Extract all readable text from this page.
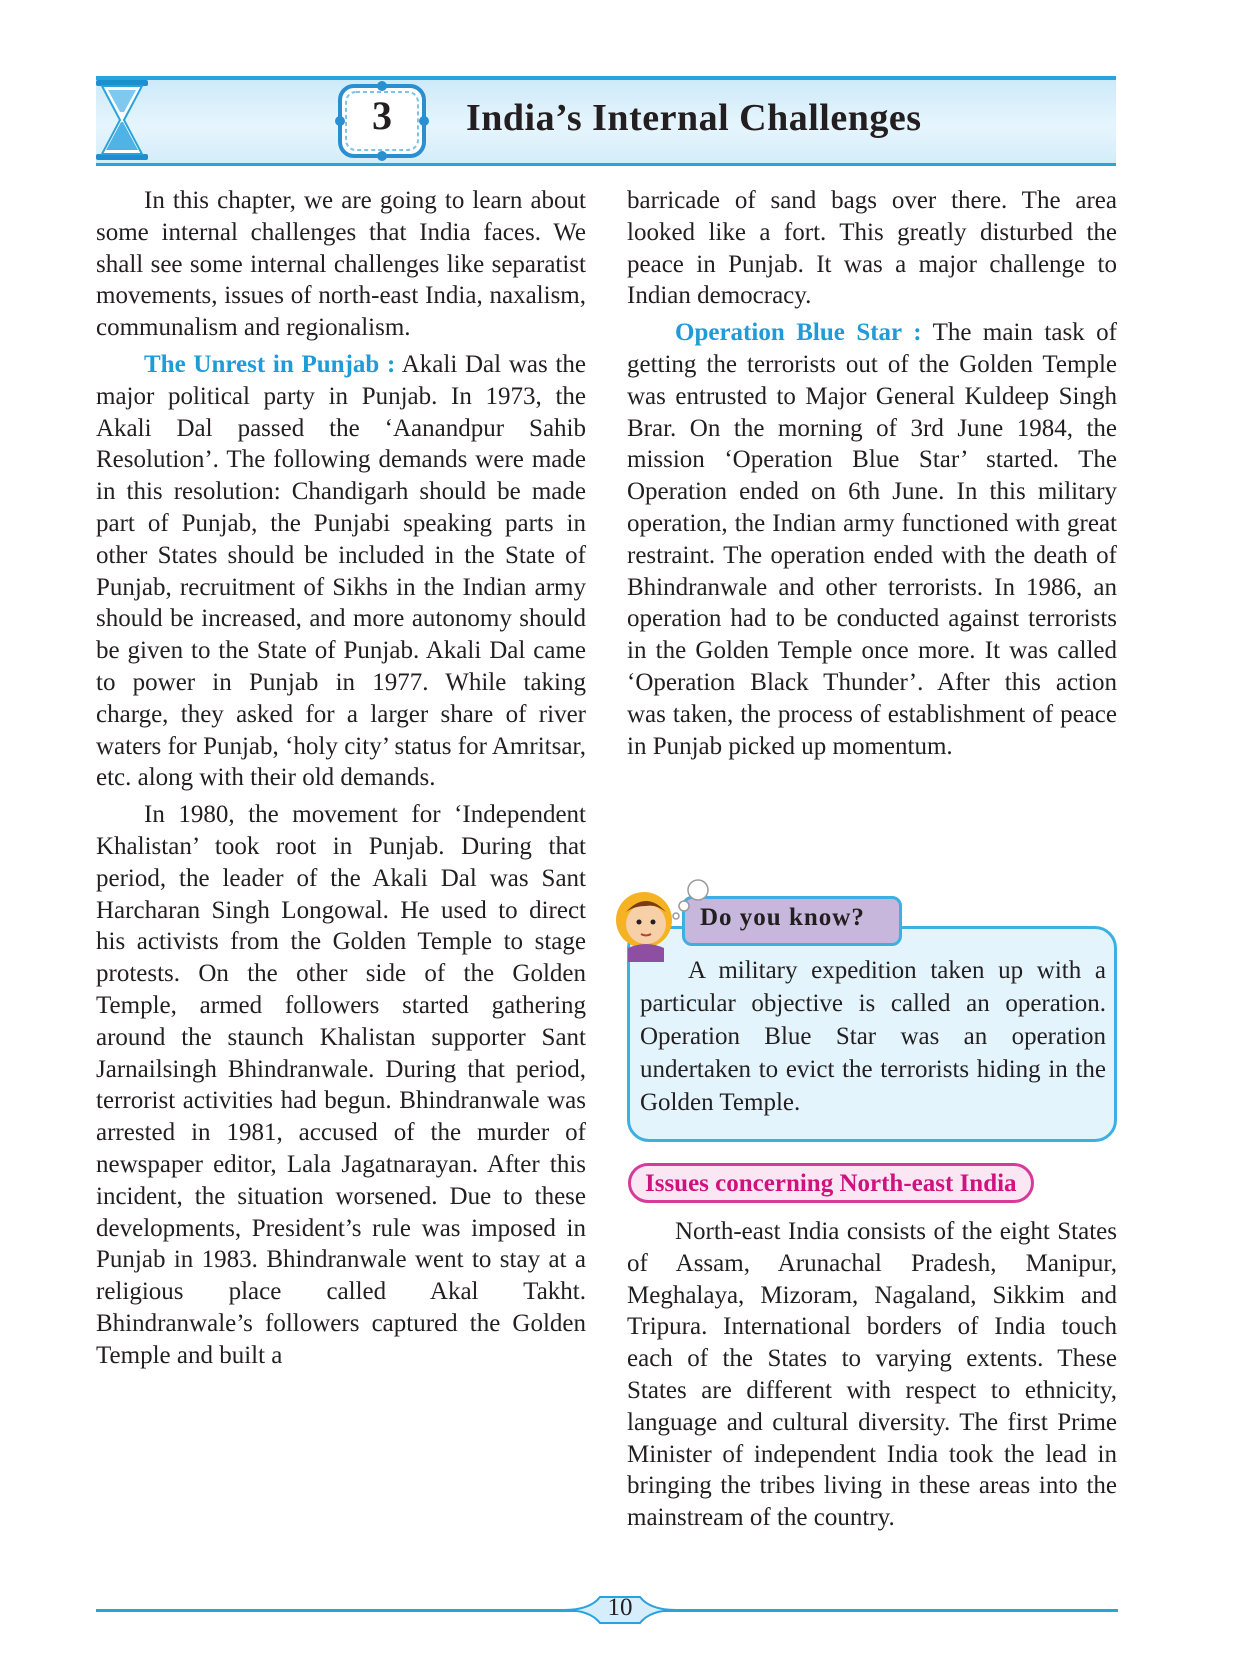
3	India’s Internal Challenges

In this chapter, we are going to learn about some internal challenges that India faces. We shall see some internal challenges like separatist movements, issues of north-east India, naxalism, communalism and regionalism.

The Unrest in Punjab : Akali Dal was the major political party in Punjab. In 1973, the Akali Dal passed the ‘Aanandpur Sahib Resolution’. The following demands were made in this resolution: Chandigarh should be made part of Punjab, the Punjabi speaking parts in other States should be included in the State of Punjab, recruitment of Sikhs in the Indian army should be increased, and more autonomy should be given to the State of Punjab. Akali Dal came to power in Punjab in 1977. While taking charge, they asked for a larger share of river waters for Punjab, ‘holy city’ status for Amritsar, etc. along with their old demands.

In 1980, the movement for ‘Independent Khalistan’ took root in Punjab. During that period, the leader of the Akali Dal was Sant Harcharan Singh Longowal. He used to direct his activists from the Golden Temple to stage protests. On the other side of the Golden Temple, armed followers started gathering around the staunch Khalistan supporter Sant Jarnailsingh Bhindranwale. During that period, terrorist activities had begun. Bhindranwale was arrested in 1981, accused of the murder of newspaper editor, Lala Jagatnarayan. After this incident, the situation worsened. Due to these developments, President’s rule was imposed in Punjab in 1983. Bhindranwale went to stay at a religious place called Akal Takht. Bhindranwale’s followers captured the Golden Temple and built a

barricade of sand bags over there. The area looked like a fort. This greatly disturbed the peace in Punjab. It was a major challenge to Indian democracy.

Operation Blue Star : The main task of getting the terrorists out of the Golden Temple was entrusted to Major General Kuldeep Singh Brar. On the morning of 3rd June 1984, the mission ‘Operation Blue Star’ started. The Operation ended on 6th June. In this military operation, the Indian army functioned with great restraint. The operation ended with the death of Bhindranwale and other terrorists. In 1986, an operation had to be conducted against terrorists in the Golden Temple once more. It was called ‘Operation Black Thunder’. After this action was taken, the process of establishment of peace in Punjab picked up momentum.

Do you know?
A military expedition taken up with a particular objective is called an operation. Operation Blue Star was an operation undertaken to evict the terrorists hiding in the Golden Temple.
Issues concerning North-east India

North-east India consists of the eight States of Assam, Arunachal Pradesh, Manipur, Meghalaya, Mizoram, Nagaland, Sikkim and Tripura. International borders of India touch each of the States to varying extents. These States are different with respect to ethnicity, language and cultural diversity. The first Prime Minister of independent India took the lead in bringing the tribes living in these areas into the mainstream of the country.

10
